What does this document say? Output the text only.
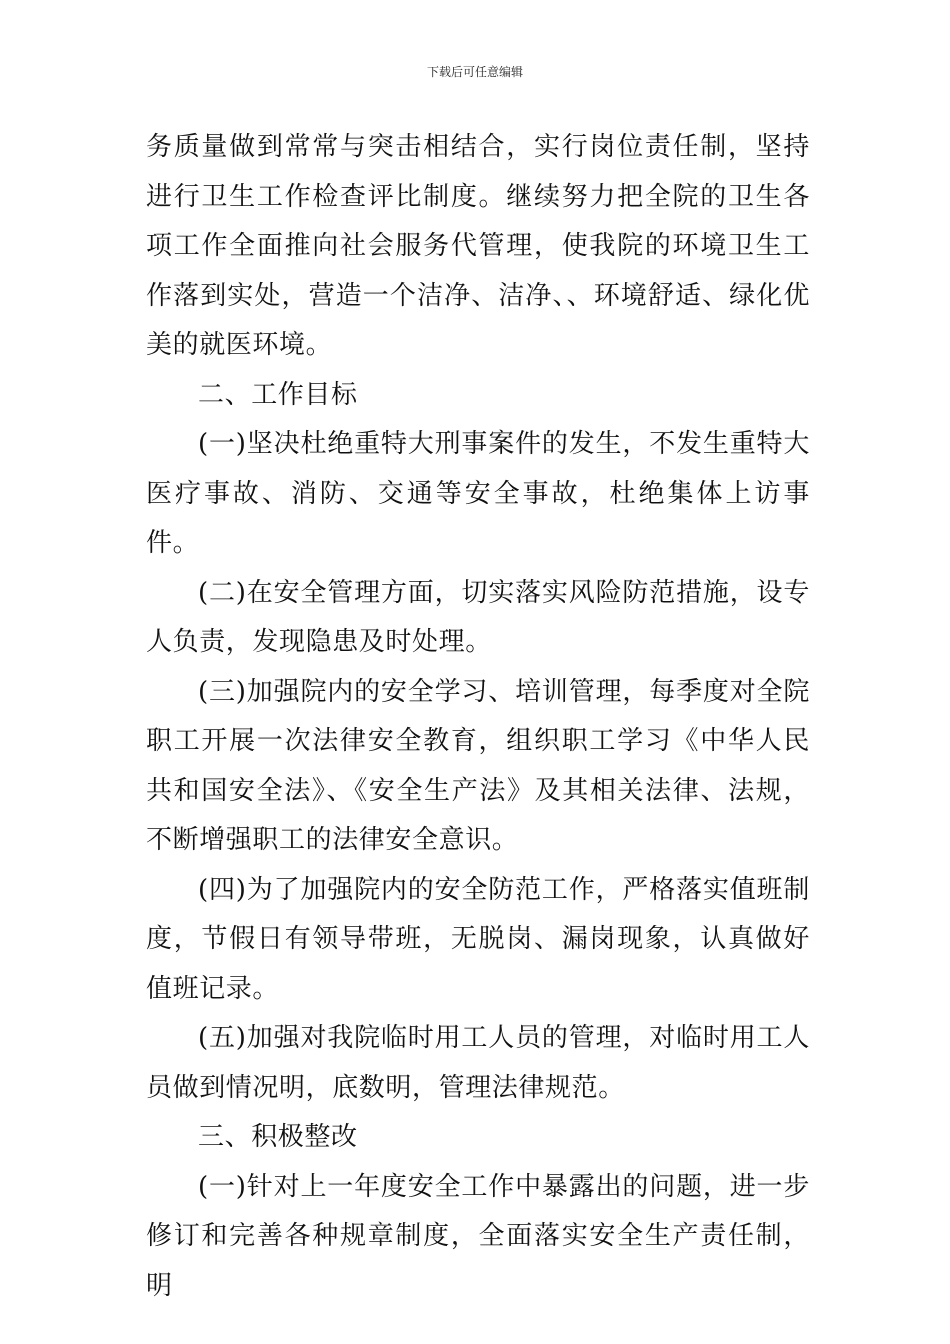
下载后可任意编辑

务质量做到常常与突击相结合，实行岗位责任制，坚持进行卫生工作检查评比制度。继续努力把全院的卫生各项工作全面推向社会服务代管理，使我院的环境卫生工作落到实处，营造一个洁净、洁净、、环境舒适、绿化优美的就医环境。

二、工作目标

(一)坚决杜绝重特大刑事案件的发生，不发生重特大医疗事故、消防、交通等安全事故，杜绝集体上访事件。

(二)在安全管理方面，切实落实风险防范措施，设专人负责，发现隐患及时处理。

(三)加强院内的安全学习、培训管理，每季度对全院职工开展一次法律安全教育，组织职工学习《中华人民共和国安全法》、《安全生产法》及其相关法律、法规，不断增强职工的法律安全意识。

(四)为了加强院内的安全防范工作，严格落实值班制度，节假日有领导带班，无脱岗、漏岗现象，认真做好值班记录。

(五)加强对我院临时用工人员的管理，对临时用工人员做到情况明，底数明，管理法律规范。

三、积极整改

(一)针对上一年度安全工作中暴露出的问题，进一步修订和完善各种规章制度，全面落实安全生产责任制，明
